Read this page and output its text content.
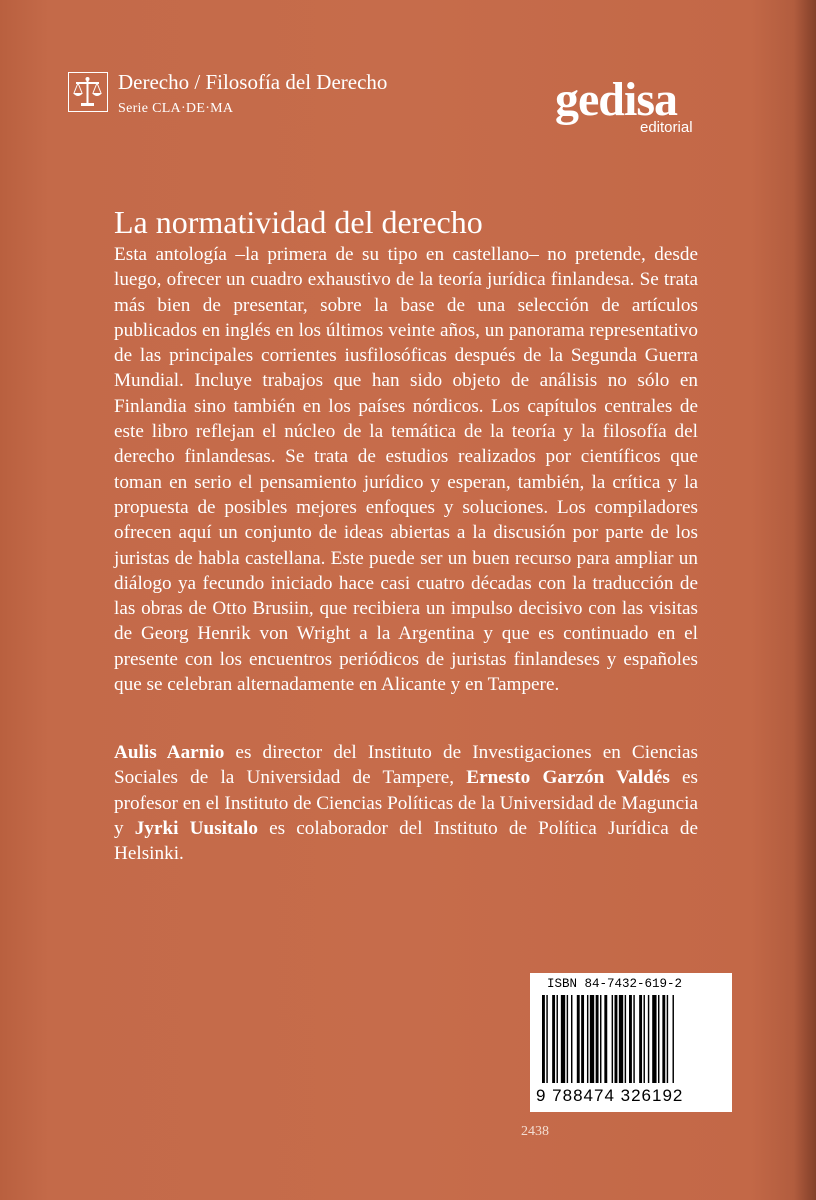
Derecho / Filosofía del Derecho
Serie CLA·DE·MA	gedisa
editorial
La normatividad del derecho

Esta antología –la primera de su tipo en castellano– no pretende, desde luego, ofrecer un cuadro exhaustivo de la teoría jurídica finlandesa. Se trata más bien de presentar, sobre la base de una selección de artículos publicados en inglés en los últimos veinte años, un panorama representativo de las principales corrientes iusfilosóficas después de la Segunda Guerra Mundial. Incluye trabajos que han sido objeto de análisis no sólo en Finlandia sino también en los países nórdicos. Los capítulos centrales de este libro reflejan el núcleo de la temática de la teoría y la filosofía del derecho finlandesas. Se trata de estudios realizados por científicos que toman en serio el pensamiento jurídico y esperan, también, la crítica y la propuesta de posibles mejores enfoques y soluciones. Los compiladores ofrecen aquí un conjunto de ideas abiertas a la discusión por parte de los juristas de habla castellana. Este puede ser un buen recurso para ampliar un diálogo ya fecundo iniciado hace casi cuatro décadas con la traducción de las obras de Otto Brusiin, que recibiera un impulso decisivo con las visitas de Georg Henrik von Wright a la Argentina y que es continuado en el presente con los encuentros periódicos de juristas finlandeses y españoles que se celebran alternadamente en Alicante y en Tampere.

Aulis Aarnio es director del Instituto de Investigaciones en Ciencias Sociales de la Universidad de Tampere, Ernesto Garzón Valdés es profesor en el Instituto de Ciencias Políticas de la Universidad de Maguncia y Jyrki Uusitalo es colaborador del Instituto de Política Jurídica de Helsinki.

ISBN 84-7432-619-2
9 788474 326192
2438
